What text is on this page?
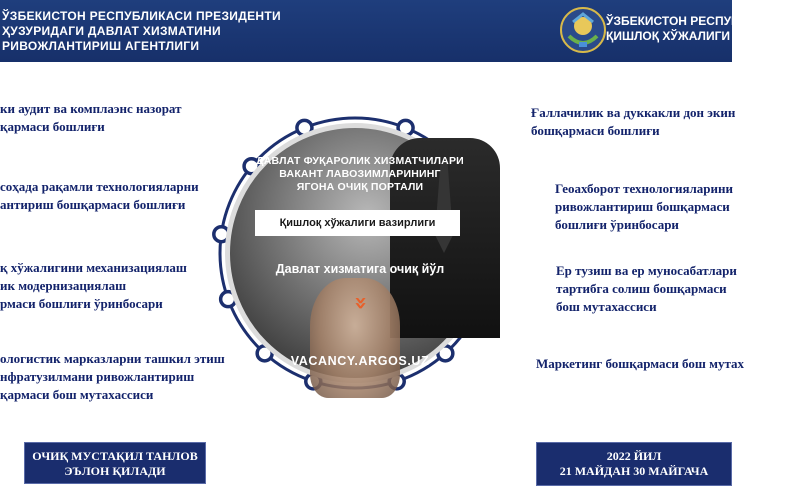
ЎЗБЕКИСТОН РЕСПУБЛИКАСИ ПРЕЗИДЕНТИ
ҲУЗУРИДАГИ ДАВЛАТ ХИЗМАТИНИ
РИВОЖЛАНТИРИШ АГЕНТЛИГИ
ЎЗБЕКИСТОН РЕСПУБЛИКАСИ
ҚИШЛОҚ ХЎЖАЛИГИ ВАЗИ
ки аудит ва комплаэнс назорат
қармаси бошлиғи
соҳада рақамли технологияларни
антириш бошқармаси бошлиғи
қ хўжалигини механизациялаш
ик модернизациялаш
рмаси бошлиғи ўринбосари
ологистик марказларни ташкил этиш
нфратузилмани ривожлантириш
қармаси бош мутахассиси
Ғаллачилик ва дуккакли дон экин
бошқармаси бошлиғи
Геоахборот технологияларини
ривожлантириш бошқармаси
бошлиғи ўринбосари
Ер тузиш ва ер муносабатлари
тартибга солиш бошқармаси
бош мутахассиси
Маркетинг бошқармаси бош мутах
ДАВЛАТ ФУҚАРОЛИК ХИЗМАТЧИЛАРИ
ВАКАНТ ЛАВОЗИМЛАРИНИНГ
ЯГОНА ОЧИҚ ПОРТАЛИ
Қишлоқ хўжалиги вазирлиги
Давлат хизматига очиқ йўл
»
VACANCY.ARGOS.UZ
ОЧИҚ МУСТАҚИЛ ТАНЛОВ
ЭЪЛОН ҚИЛАДИ
2022 ЙИЛ
21 МАЙДАН 30 МАЙГАЧА
